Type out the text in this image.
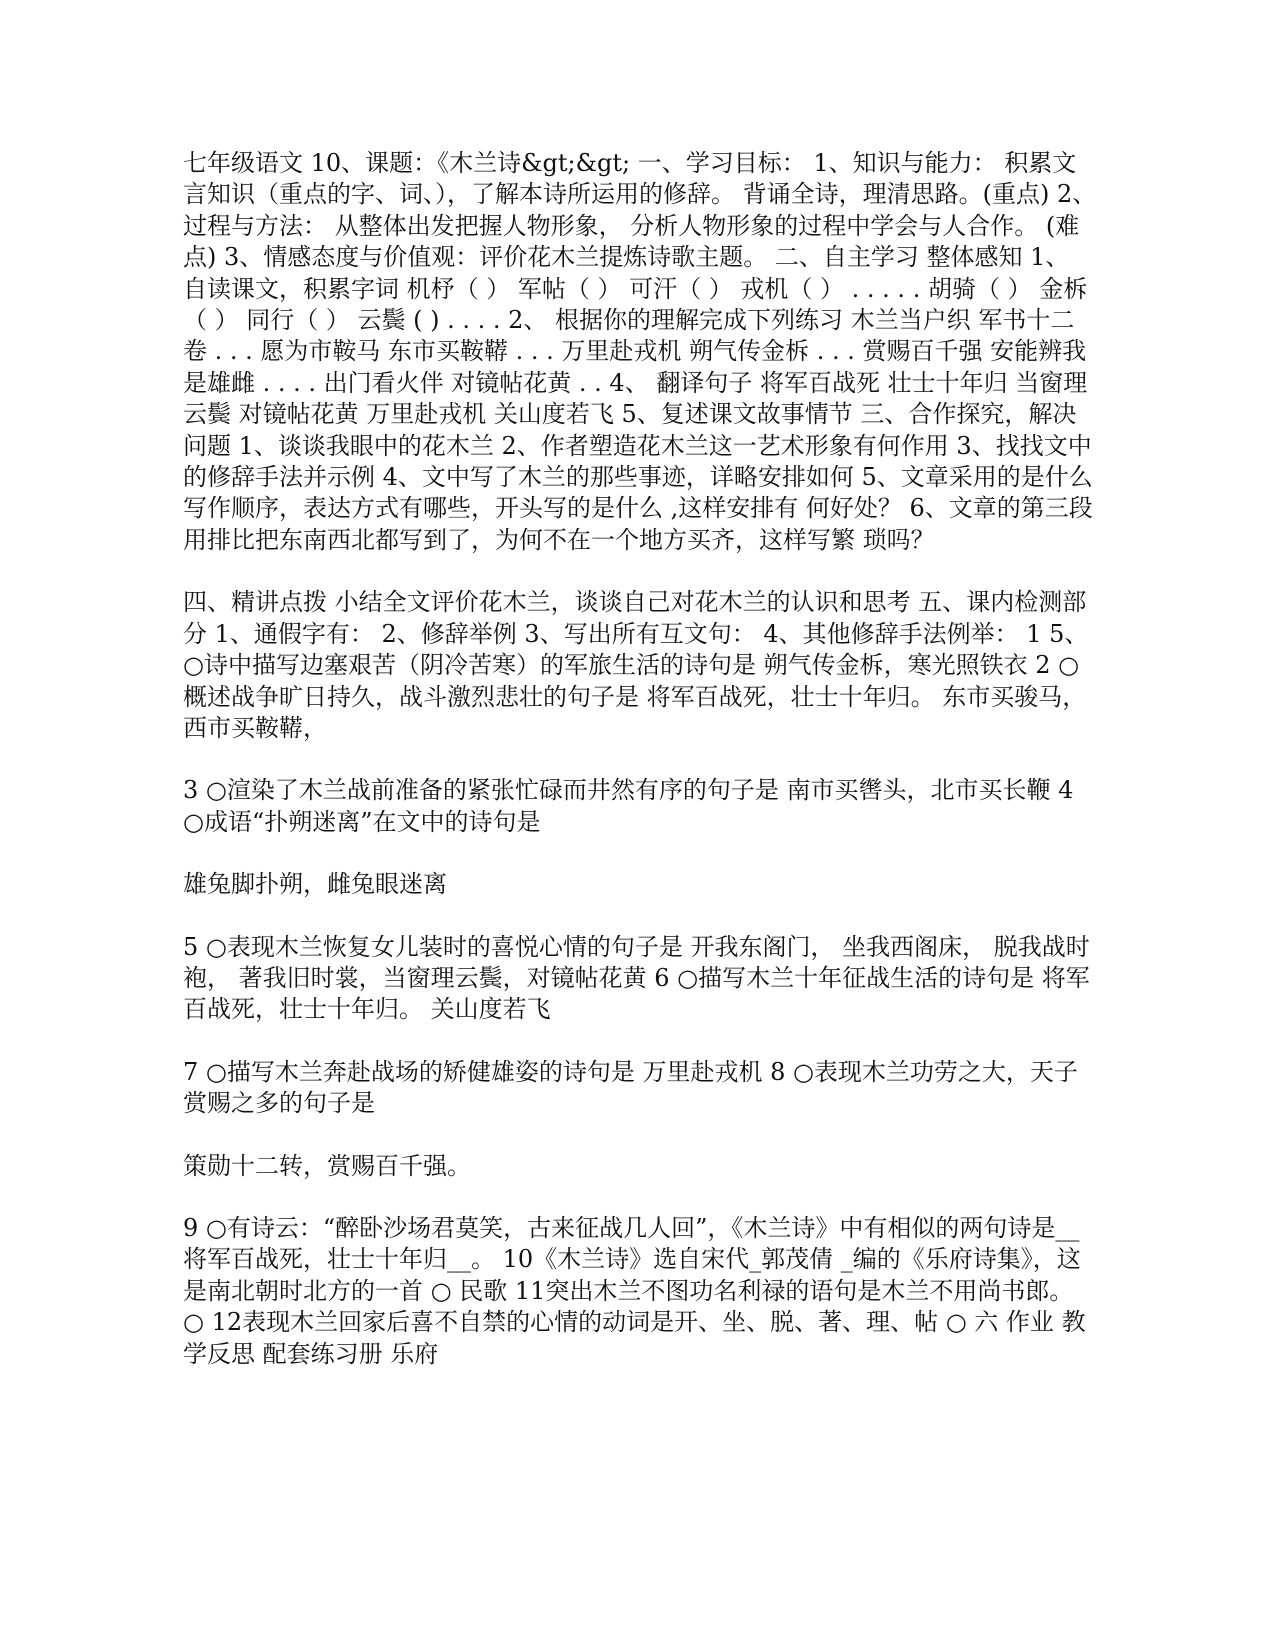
七年级语文 10、课题：《木兰诗&gt;&gt; 一、学习目标： 1、知识与能力： 积累文言知识（重点的字、词、），了解本诗所运用的修辞。 背诵全诗，理清思路。(重点) 2、 过程与方法： 从整体出发把握人物形象， 分析人物形象的过程中学会与人合作。 (难 点) 3、情感态度与价值观：评价花木兰提炼诗歌主题。 二、自主学习 整体感知 1、 自读课文，积累字词 机杼（ ） 军帖（ ） 可汗（ ） 戎机（ ） . . . . . 胡骑（ ） 金柝（ ） 同行（ ） 云鬓 ( ) . . . . 2、 根据你的理解完成下列练习 木兰当户织 军书十二卷 . . . 愿为市鞍马 东市买鞍鞯 . . . 万里赴戎机 朔气传金柝 . . . 赏赐百千强 安能辨我是雄雌 . . . . 出门看火伴 对镜帖花黄 . . 4、 翻译句子 将军百战死 壮士十年归 当窗理云鬓 对镜帖花黄 万里赴戎机 关山度若飞 5、复述课文故事情节 三、合作探究，解决问题 1、谈谈我眼中的花木兰 2、作者塑造花木兰这一艺术形象有何作用 3、找找文中的修辞手法并示例 4、文中写了木兰的那些事迹，详略安排如何 5、文章采用的是什么写作顺序，表达方式有哪些，开头写的是什么 ,这样安排有 何好处？ 6、文章的第三段用排比把东南西北都写到了，为何不在一个地方买齐，这样写繁 琐吗？

四、精讲点拨 小结全文评价花木兰，谈谈自己对花木兰的认识和思考 五、课内检测部分 1、通假字有： 2、修辞举例 3、写出所有互文句： 4、其他修辞手法例举： 1 5、○诗中描写边塞艰苦（阴冷苦寒）的军旅生活的诗句是 朔气传金柝，寒光照铁衣 2 ○概述战争旷日持久，战斗激烈悲壮的句子是 将军百战死，壮士十年归。 东市买骏马，西市买鞍鞯，

3 ○渲染了木兰战前准备的紧张忙碌而井然有序的句子是 南市买辔头，北市买长鞭 4 ○成语“扑朔迷离”在文中的诗句是

雄兔脚扑朔，雌兔眼迷离

5 ○表现木兰恢复女儿装时的喜悦心情的句子是 开我东阁门， 坐我西阁床， 脱我战时袍， 著我旧时裳，当窗理云鬓，对镜帖花黄 6 ○描写木兰十年征战生活的诗句是 将军百战死，壮士十年归。 关山度若飞

7 ○描写木兰奔赴战场的矫健雄姿的诗句是 万里赴戎机 8 ○表现木兰功劳之大，天子赏赐之多的句子是

策勋十二转，赏赐百千强。

9 ○有诗云：“醉卧沙场君莫笑，古来征战几人回”，《木兰诗》中有相似的两句诗是__将军百战死，壮士十年归__。 10《木兰诗》选自宋代_郭茂倩 _编的《乐府诗集》，这是南北朝时北方的一首 ○ 民歌 11突出木兰不图功名利禄的语句是木兰不用尚书郎。 ○ 12表现木兰回家后喜不自禁的心情的动词是开、坐、脱、著、理、帖 ○ 六 作业 教学反思 配套练习册 乐府
